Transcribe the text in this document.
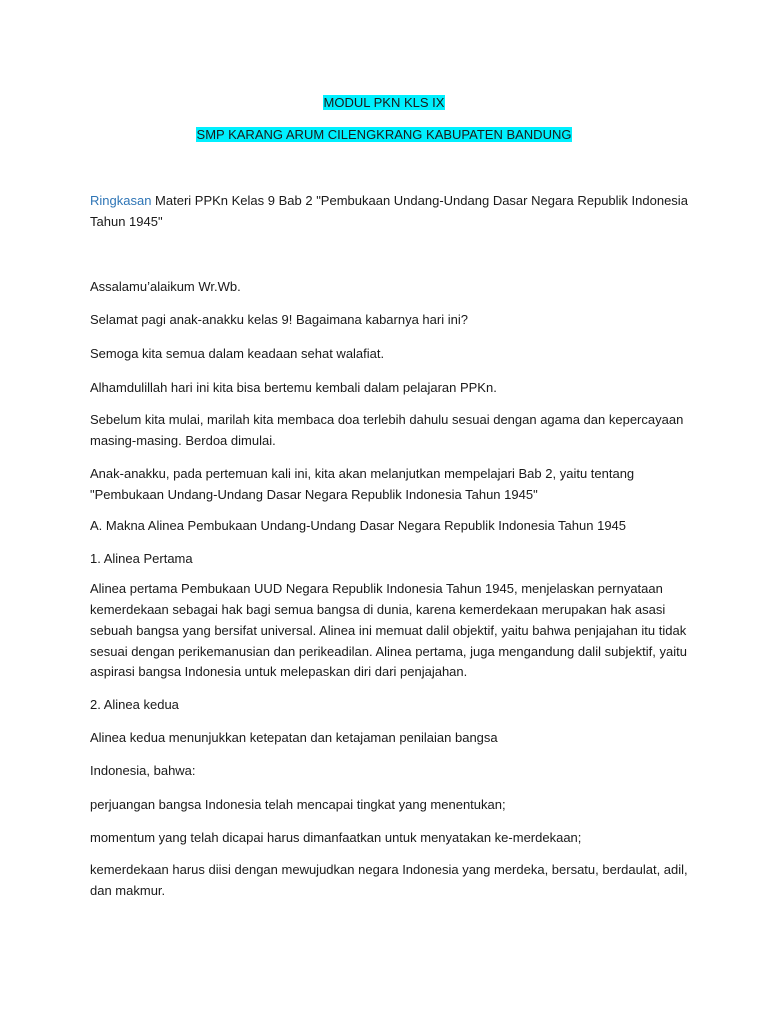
MODUL PKN KLS IX
SMP KARANG ARUM CILENGKRANG KABUPATEN BANDUNG
Ringkasan Materi PPKn Kelas 9 Bab 2 "Pembukaan Undang-Undang Dasar Negara Republik Indonesia
Tahun 1945"
Assalamu’alaikum Wr.Wb.
Selamat pagi anak-anakku kelas 9! Bagaimana kabarnya hari ini?
Semoga kita semua dalam keadaan sehat walafiat.
Alhamdulillah hari ini kita bisa bertemu kembali dalam pelajaran PPKn.
Sebelum kita mulai, marilah kita membaca doa terlebih dahulu sesuai dengan agama dan kepercayaan
masing-masing. Berdoa dimulai.
Anak-anakku, pada pertemuan kali ini, kita akan melanjutkan mempelajari Bab 2, yaitu tentang
"Pembukaan Undang-Undang Dasar Negara Republik Indonesia Tahun 1945"
A. Makna Alinea Pembukaan Undang-Undang Dasar Negara Republik Indonesia Tahun 1945
1. Alinea Pertama
Alinea pertama Pembukaan UUD Negara Republik Indonesia Tahun 1945, menjelaskan pernyataan
kemerdekaan sebagai hak bagi semua bangsa di dunia, karena kemerdekaan merupakan hak asasi
sebuah bangsa yang bersifat universal. Alinea ini memuat dalil objektif, yaitu bahwa penjajahan itu tidak
sesuai dengan perikemanusian dan perikeadilan. Alinea pertama, juga mengandung dalil subjektif, yaitu
aspirasi bangsa Indonesia untuk melepaskan diri dari penjajahan.
2. Alinea kedua
Alinea kedua menunjukkan ketepatan dan ketajaman penilaian bangsa
Indonesia, bahwa:
perjuangan bangsa Indonesia telah mencapai tingkat yang menentukan;
momentum yang telah dicapai harus dimanfaatkan untuk menyatakan ke-merdekaan;
kemerdekaan harus diisi dengan mewujudkan negara Indonesia yang merdeka, bersatu, berdaulat, adil,
dan makmur.
